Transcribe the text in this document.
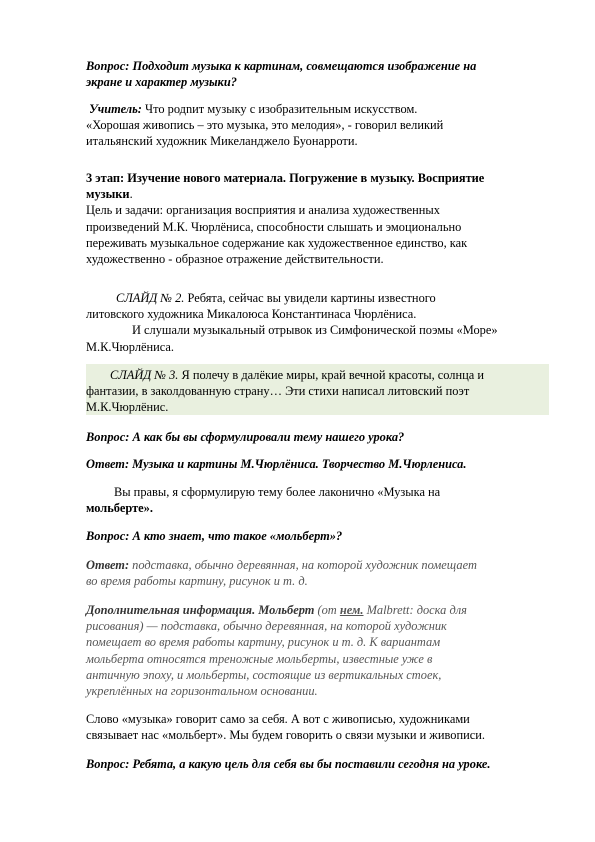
Вопрос: Подходит музыка к картинам, совмещаются изображение на
экране и характер музыки?

Учитель: Что родnит музыку с изобразительным искусством.
«Хорошая живопись – это музыка, это мелодия», - говорил великий
итальянский художник Микеланджело Буонарроти.

3 этап: Изучение нового материала. Погружение в музыку. Восприятие
музыки.
Цель и задачи: организация восприятия и анализа художественных
произведений М.К. Чюрлёниса, способности слышать и эмоционально
переживать музыкальное содержание как художественное единство, как
художественно - образное отражение действительности.

СЛАЙД № 2. Ребята, сейчас вы увидели картины известного
литовского художника Микалоюса Константинаса Чюрлёниса.
И слушали музыкальный отрывок из Симфонической поэмы «Море»
М.К.Чюрлёниса.

СЛАЙД № 3. Я полечу в далёкие миры, край вечной красоты, солнца и
фантазии, в заколдованную страну… Эти стихи написал литовский поэт
М.К.Чюрлёнис.

Вопрос: А как бы вы сформулировали тему нашего урока?

Ответ: Музыка и картины М.Чюрлёниса. Творчество М.Чюрлениса.

Вы правы, я сформулирую тему более лаконично «Музыка на
мольберте».

Вопрос: А кто знает, что такое «мольберт»?

Ответ: подставка, обычно деревянная, на которой художник помещает
во время работы картину, рисунок и т. д.

Дополнительная информация. Мольберт (от нем. Malbrett: доска для
рисования) — подставка, обычно деревянная, на которой художник
помещает во время работы картину, рисунок и т. д. К вариантам
мольберта относятся треножные мольберты, известные уже в
античную эпоху, и мольберты, состоящие из вертикальных стоек,
укреплённых на горизонтальном основании.

Слово «музыка» говорит само за себя. А вот с живописью, художниками
связывает нас «мольберт». Мы будем говорить о связи музыки и живописи.

Вопрос: Ребята, а какую цель для себя вы бы поставили сегодня на уроке.
